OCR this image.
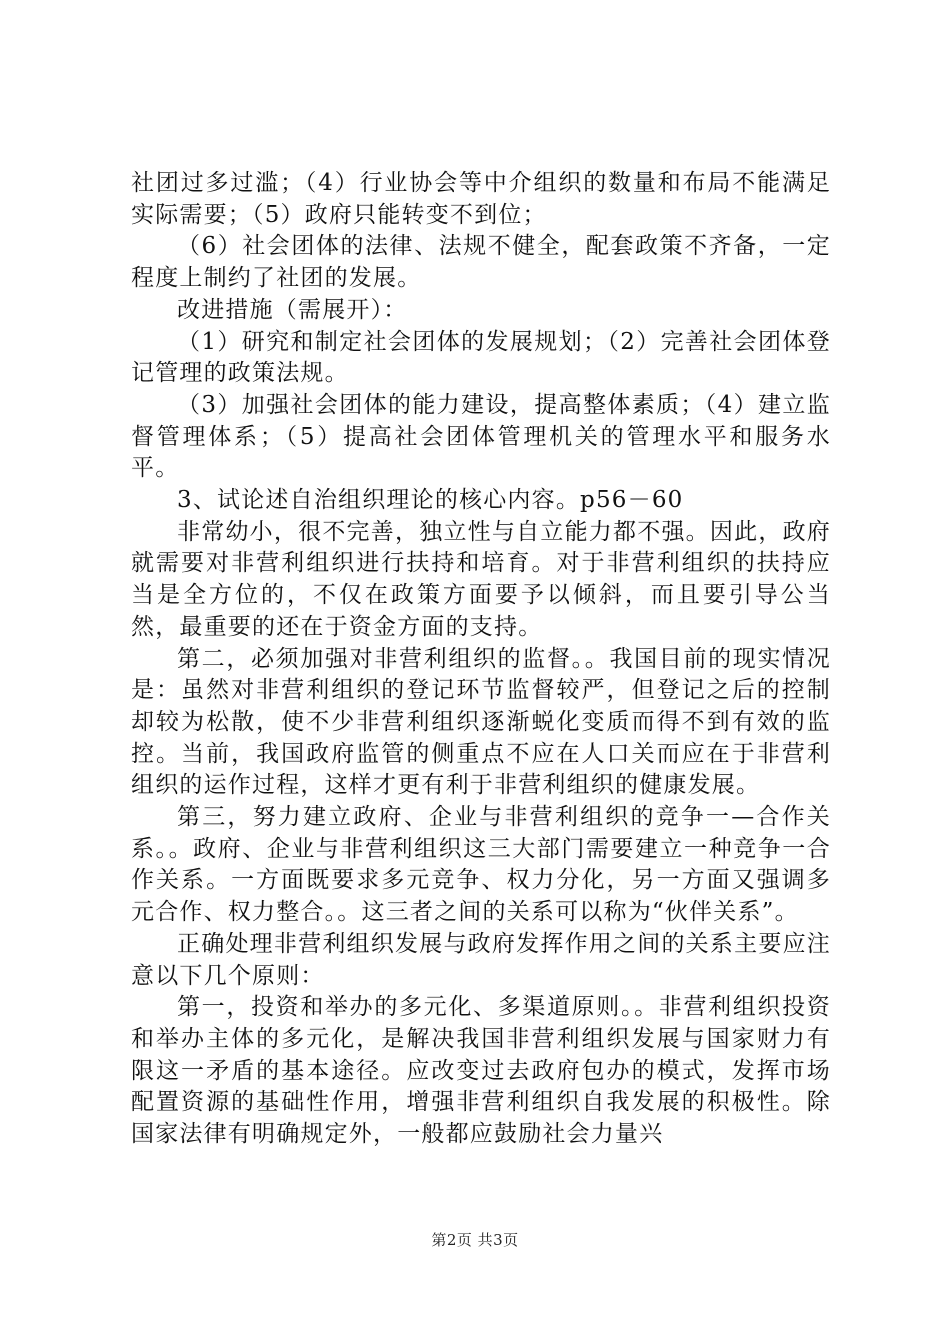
社团过多过滥；（4）行业协会等中介组织的数量和布局不能满足实际需要；（5）政府只能转变不到位；

（6）社会团体的法律、法规不健全，配套政策不齐备，一定程度上制约了社团的发展。

改进措施（需展开）：

（1）研究和制定社会团体的发展规划；（2）完善社会团体登记管理的政策法规。

（3）加强社会团体的能力建设，提高整体素质；（4）建立监督管理体系；（5）提高社会团体管理机关的管理水平和服务水平。

3、试论述自治组织理论的核心内容。p56－60

非常幼小，很不完善，独立性与自立能力都不强。因此，政府就需要对非营利组织进行扶持和培育。对于非营利组织的扶持应当是全方位的，不仅在政策方面要予以倾斜，而且要引导公当然，最重要的还在于资金方面的支持。

第二，必须加强对非营利组织的监督。。我国目前的现实情况是：虽然对非营利组织的登记环节监督较严，但登记之后的控制却较为松散，使不少非营利组织逐渐蜕化变质而得不到有效的监控。当前，我国政府监管的侧重点不应在人口关而应在于非营利组织的运作过程，这样才更有利于非营利组织的健康发展。

第三，努力建立政府、企业与非营利组织的竞争一—合作关系。。政府、企业与非营利组织这三大部门需要建立一种竞争一合作关系。一方面既要求多元竞争、权力分化，另一方面又强调多元合作、权力整合。。这三者之间的关系可以称为“伙伴关系”。

正确处理非营利组织发展与政府发挥作用之间的关系主要应注意以下几个原则：

第一，投资和举办的多元化、多渠道原则。。非营利组织投资和举办主体的多元化，是解决我国非营利组织发展与国家财力有限这一矛盾的基本途径。应改变过去政府包办的模式，发挥市场配置资源的基础性作用，增强非营利组织自我发展的积极性。除国家法律有明确规定外，一般都应鼓励社会力量兴

第2页 共3页
